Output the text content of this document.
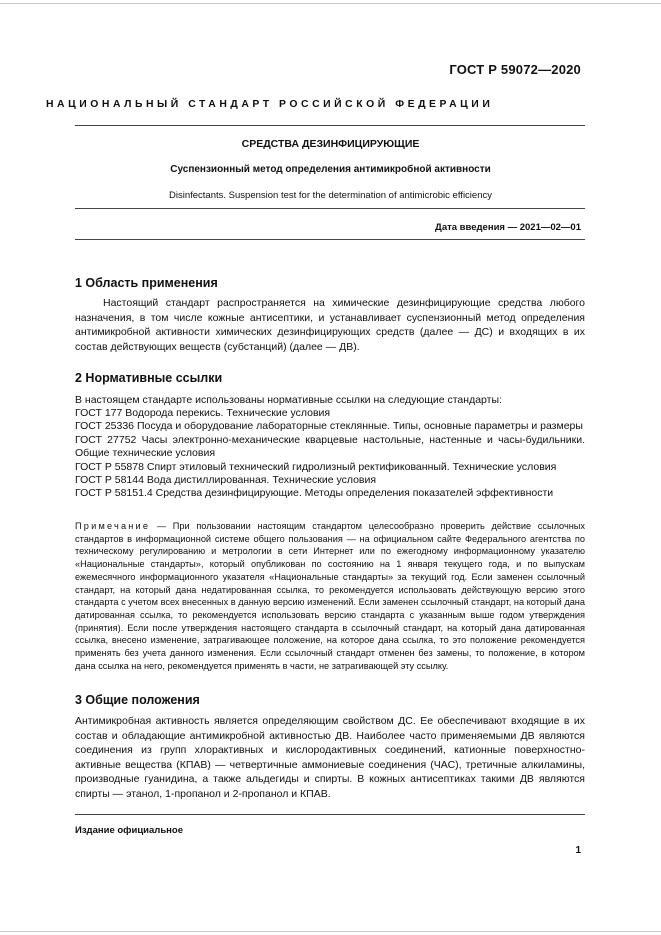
ГОСТ Р 59072—2020
НАЦИОНАЛЬНЫЙ СТАНДАРТ РОССИЙСКОЙ ФЕДЕРАЦИИ
СРЕДСТВА ДЕЗИНФИЦИРУЮЩИЕ
Суспензионный метод определения антимикробной активности
Disinfectants. Suspension test for the determination of antimicrobic efficiency
Дата введения — 2021—02—01
1 Область применения
Настоящий стандарт распространяется на химические дезинфицирующие средства любого назначения, в том числе кожные антисептики, и устанавливает суспензионный метод определения антимикробной активности химических дезинфицирующих средств (далее — ДС) и входящих в их состав действующих веществ (субстанций) (далее — ДВ).
2 Нормативные ссылки
В настоящем стандарте использованы нормативные ссылки на следующие стандарты:
ГОСТ 177 Водорода перекись. Технические условия
ГОСТ 25336 Посуда и оборудование лабораторные стеклянные. Типы, основные параметры и размеры
ГОСТ 27752 Часы электронно-механические кварцевые настольные, настенные и часы-будильники. Общие технические условия
ГОСТ Р 55878 Спирт этиловый технический гидролизный ректификованный. Технические условия
ГОСТ Р 58144 Вода дистиллированная. Технические условия
ГОСТ Р 58151.4 Средства дезинфицирующие. Методы определения показателей эффективности
Примечание — При пользовании настоящим стандартом целесообразно проверить действие ссылочных стандартов в информационной системе общего пользования — на официальном сайте Федерального агентства по техническому регулированию и метрологии в сети Интернет или по ежегодному информационному указателю «Национальные стандарты», который опубликован по состоянию на 1 января текущего года, и по выпускам ежемесячного информационного указателя «Национальные стандарты» за текущий год. Если заменен ссылочный стандарт, на который дана недатированная ссылка, то рекомендуется использовать действующую версию этого стандарта с учетом всех внесенных в данную версию изменений. Если заменен ссылочный стандарт, на который дана датированная ссылка, то рекомендуется использовать версию стандарта с указанным выше годом утверждения (принятия). Если после утверждения настоящего стандарта в ссылочный стандарт, на который дана датированная ссылка, внесено изменение, затрагивающее положение, на которое дана ссылка, то это положение рекомендуется применять без учета данного изменения. Если ссылочный стандарт отменен без замены, то положение, в котором дана ссылка на него, рекомендуется применять в части, не затрагивающей эту ссылку.
3 Общие положения
Антимикробная активность является определяющим свойством ДС. Ее обеспечивают входящие в их состав и обладающие антимикробной активностью ДВ. Наиболее часто применяемыми ДВ являются соединения из групп хлорактивных и кислородактивных соединений, катионные поверхностно-активные вещества (КПАВ) — четвертичные аммониевые соединения (ЧАС), третичные алкиламины, производные гуанидина, а также альдегиды и спирты. В кожных антисептиках такими ДВ являются спирты — этанол, 1-пропанол и 2-пропанол и КПАВ.
Издание официальное
1
